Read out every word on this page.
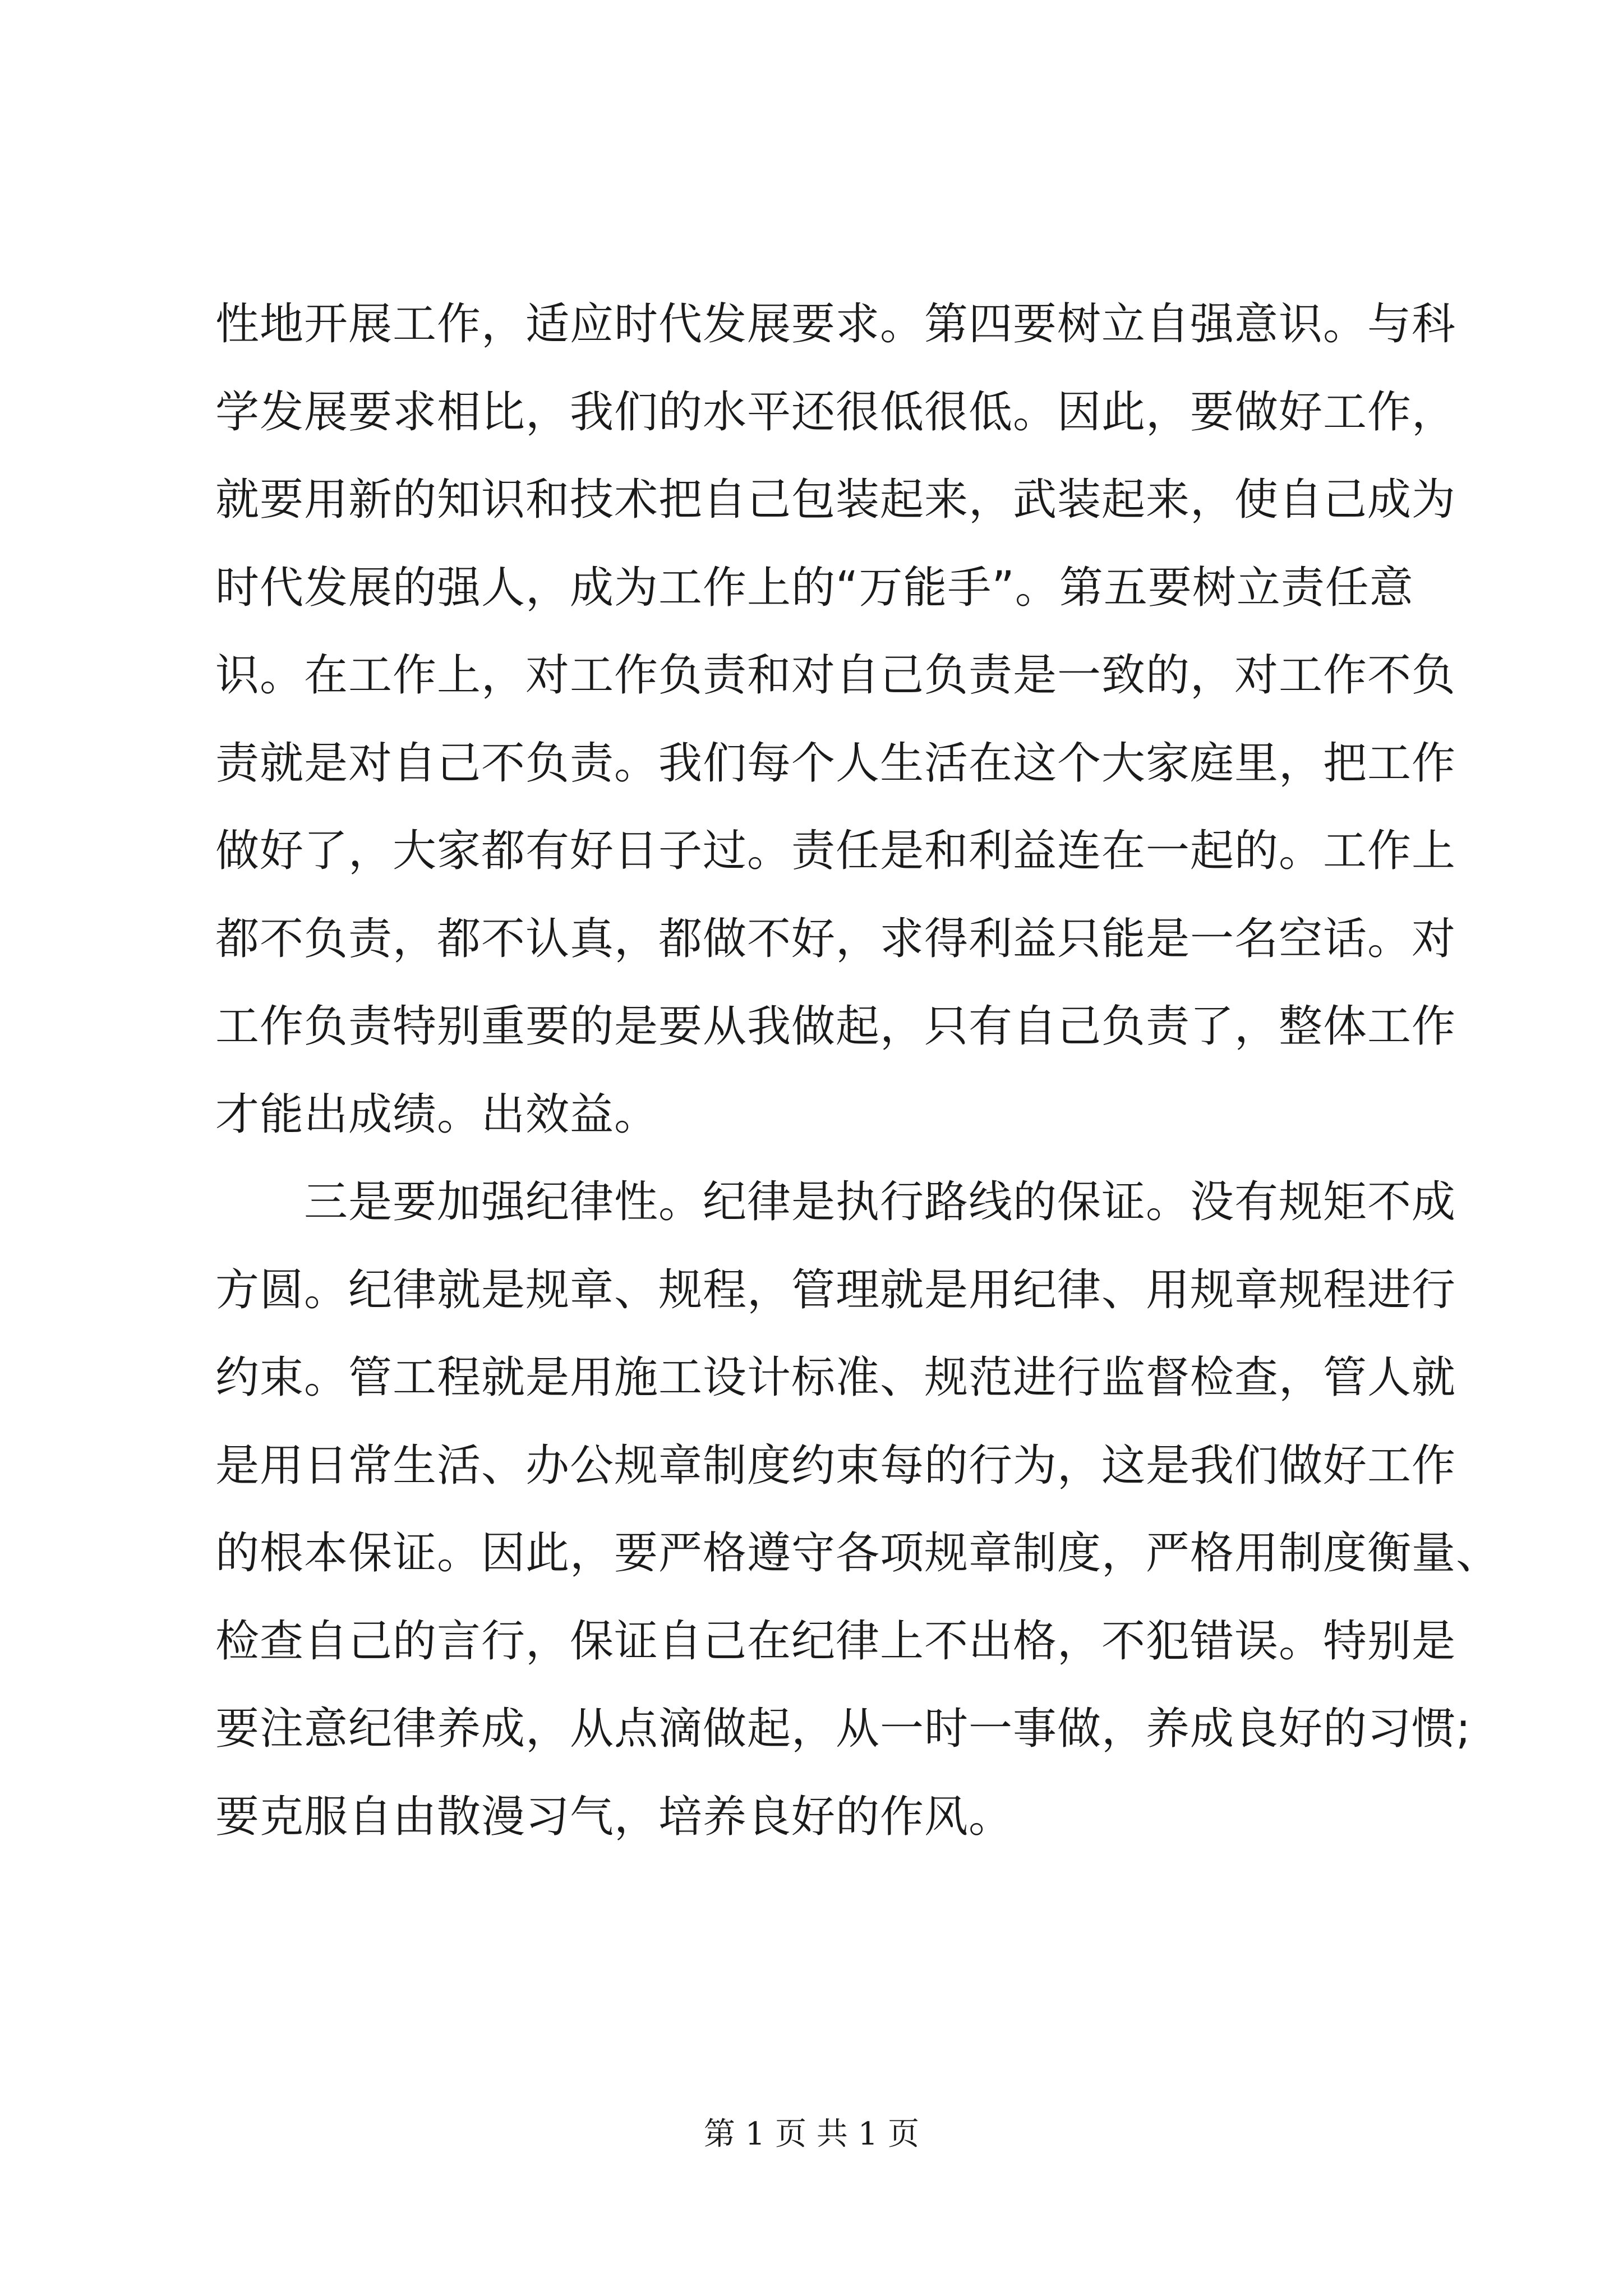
性地开展工作，适应时代发展要求。第四要树立自强意识。与科
学发展要求相比，我们的水平还很低很低。因此，要做好工作，
就要用新的知识和技术把自己包装起来，武装起来，使自己成为
时代发展的强人，成为工作上的“万能手”。第五要树立责任意
识。在工作上，对工作负责和对自己负责是一致的，对工作不负
责就是对自己不负责。我们每个人生活在这个大家庭里，把工作
做好了，大家都有好日子过。责任是和利益连在一起的。工作上
都不负责，都不认真，都做不好，求得利益只能是一名空话。对
工作负责特别重要的是要从我做起，只有自己负责了，整体工作
才能出成绩。出效益。
　　三是要加强纪律性。纪律是执行路线的保证。没有规矩不成
方圆。纪律就是规章、规程，管理就是用纪律、用规章规程进行
约束。管工程就是用施工设计标准、规范进行监督检查，管人就
是用日常生活、办公规章制度约束每的行为，这是我们做好工作
的根本保证。因此，要严格遵守各项规章制度，严格用制度衡量、
检查自己的言行，保证自己在纪律上不出格，不犯错误。特别是
要注意纪律养成，从点滴做起，从一时一事做，养成良好的习惯;
要克服自由散漫习气，培养良好的作风。
第 1 页 共 1 页
